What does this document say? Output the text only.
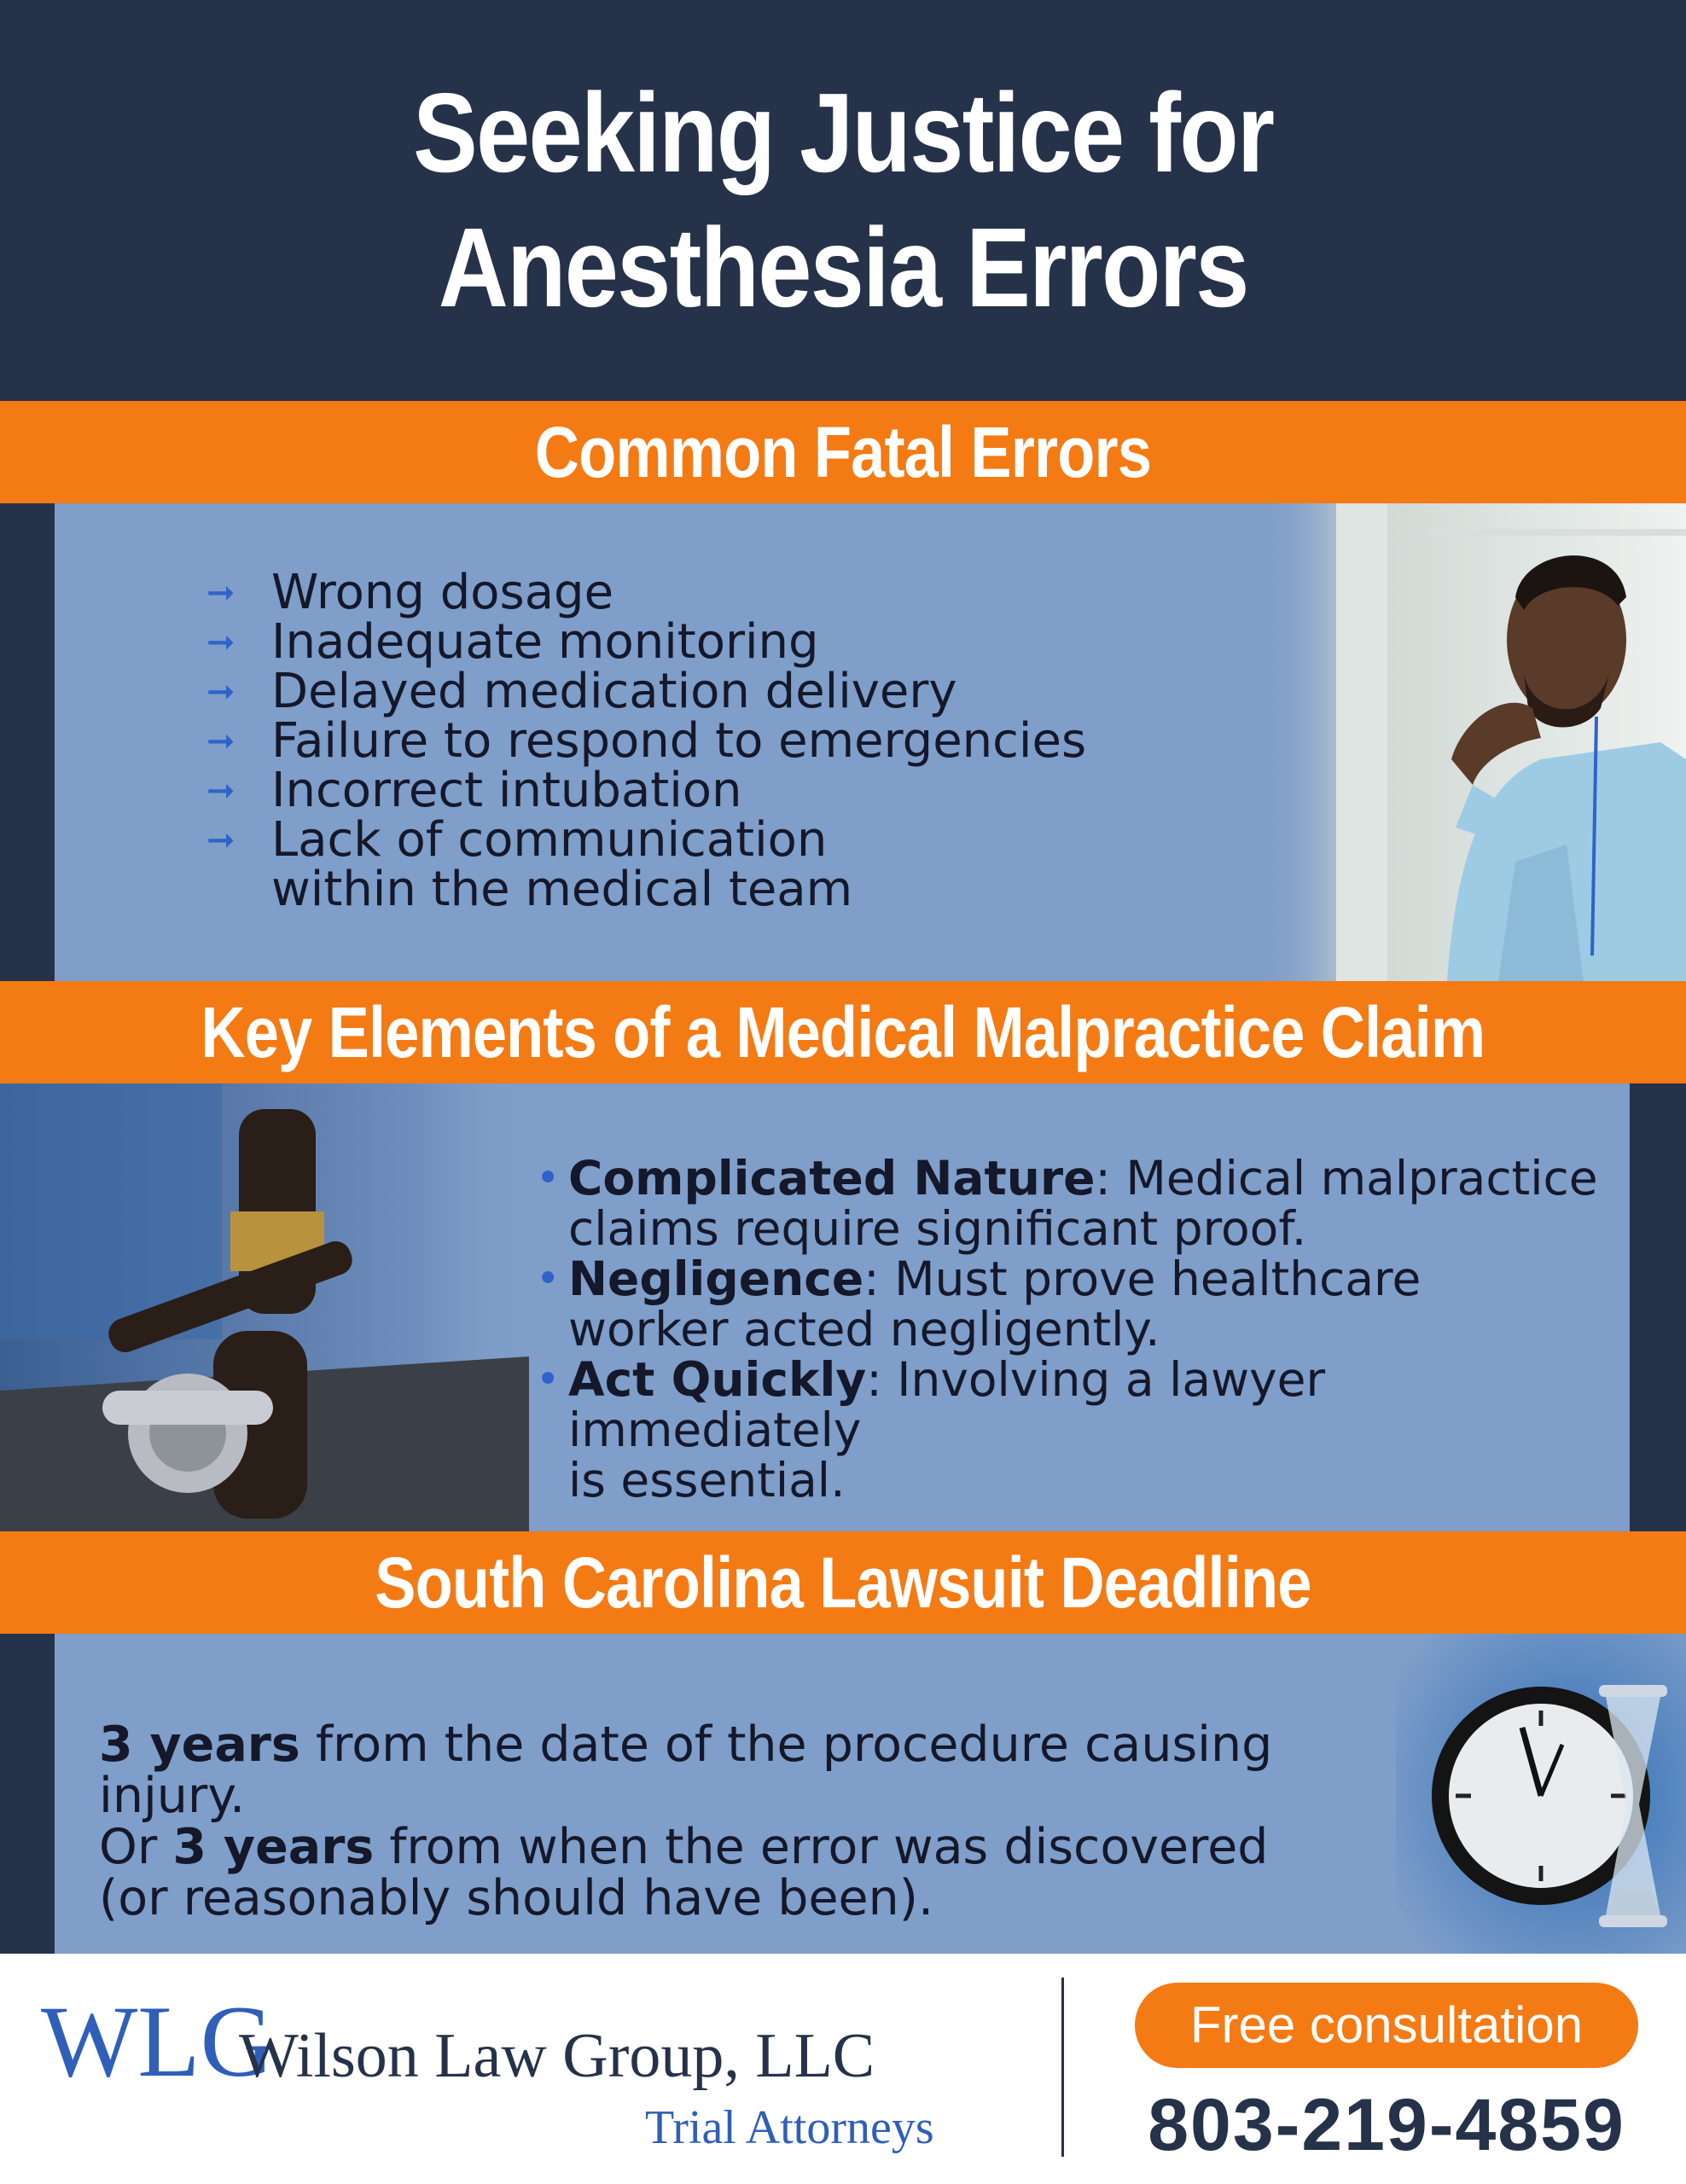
Seeking Justice for
Anesthesia Errors
Common Fatal Errors
➞ Wrong dosage
➞ Inadequate monitoring
➞ Delayed medication delivery
➞ Failure to respond to emergencies
➞ Incorrect intubation
➞ Lack of communication
within the medical team
Key Elements of a Medical Malpractice Claim
• Complicated Nature: Medical malpractice
claims require significant proof.
• Negligence: Must prove healthcare
worker acted negligently.
• Act Quickly: Involving a lawyer immediately
is essential.
South Carolina Lawsuit Deadline

3 years from the date of the procedure causing injury.

Or 3 years from when the error was discovered

(or reasonably should have been).

WLG
Wilson Law Group, LLC
Trial Attorneys
Free consultation
803-219-4859
